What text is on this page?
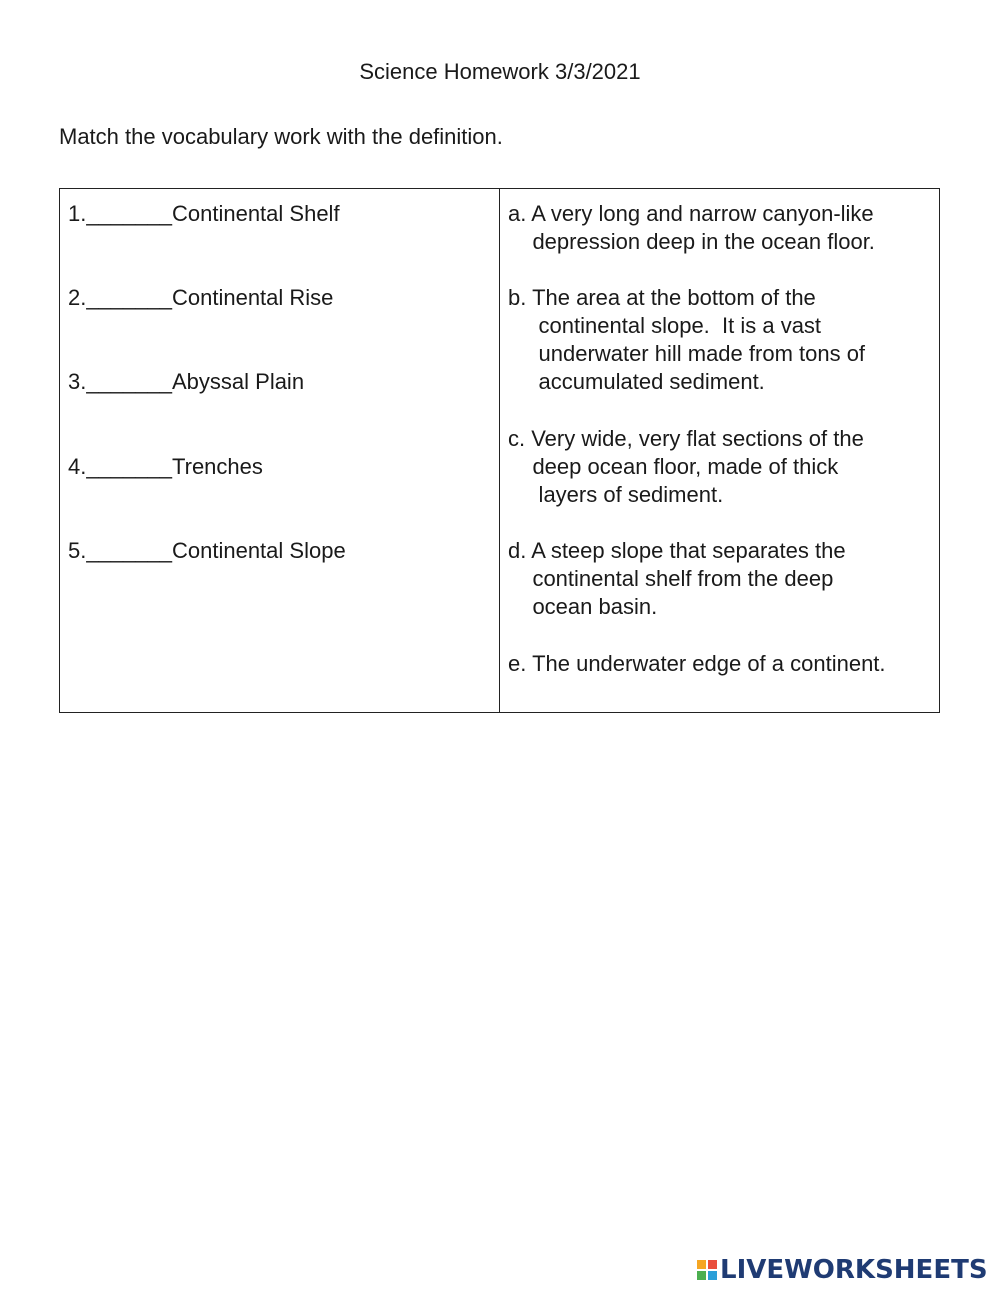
Science Homework 3/3/2021
Match the vocabulary work with the definition.
1._______Continental Shelf
2._______Continental Rise
3._______Abyssal Plain
4._______Trenches
5._______Continental Slope
a. A very long and narrow canyon-like
depression deep in the ocean floor.
b. The area at the bottom of the
continental slope.  It is a vast
underwater hill made from tons of
accumulated sediment.
c. Very wide, very flat sections of the
deep ocean floor, made of thick
layers of sediment.
d. A steep slope that separates the
continental shelf from the deep
ocean basin.
e. The underwater edge of a continent.
LIVEWORKSHEETS
